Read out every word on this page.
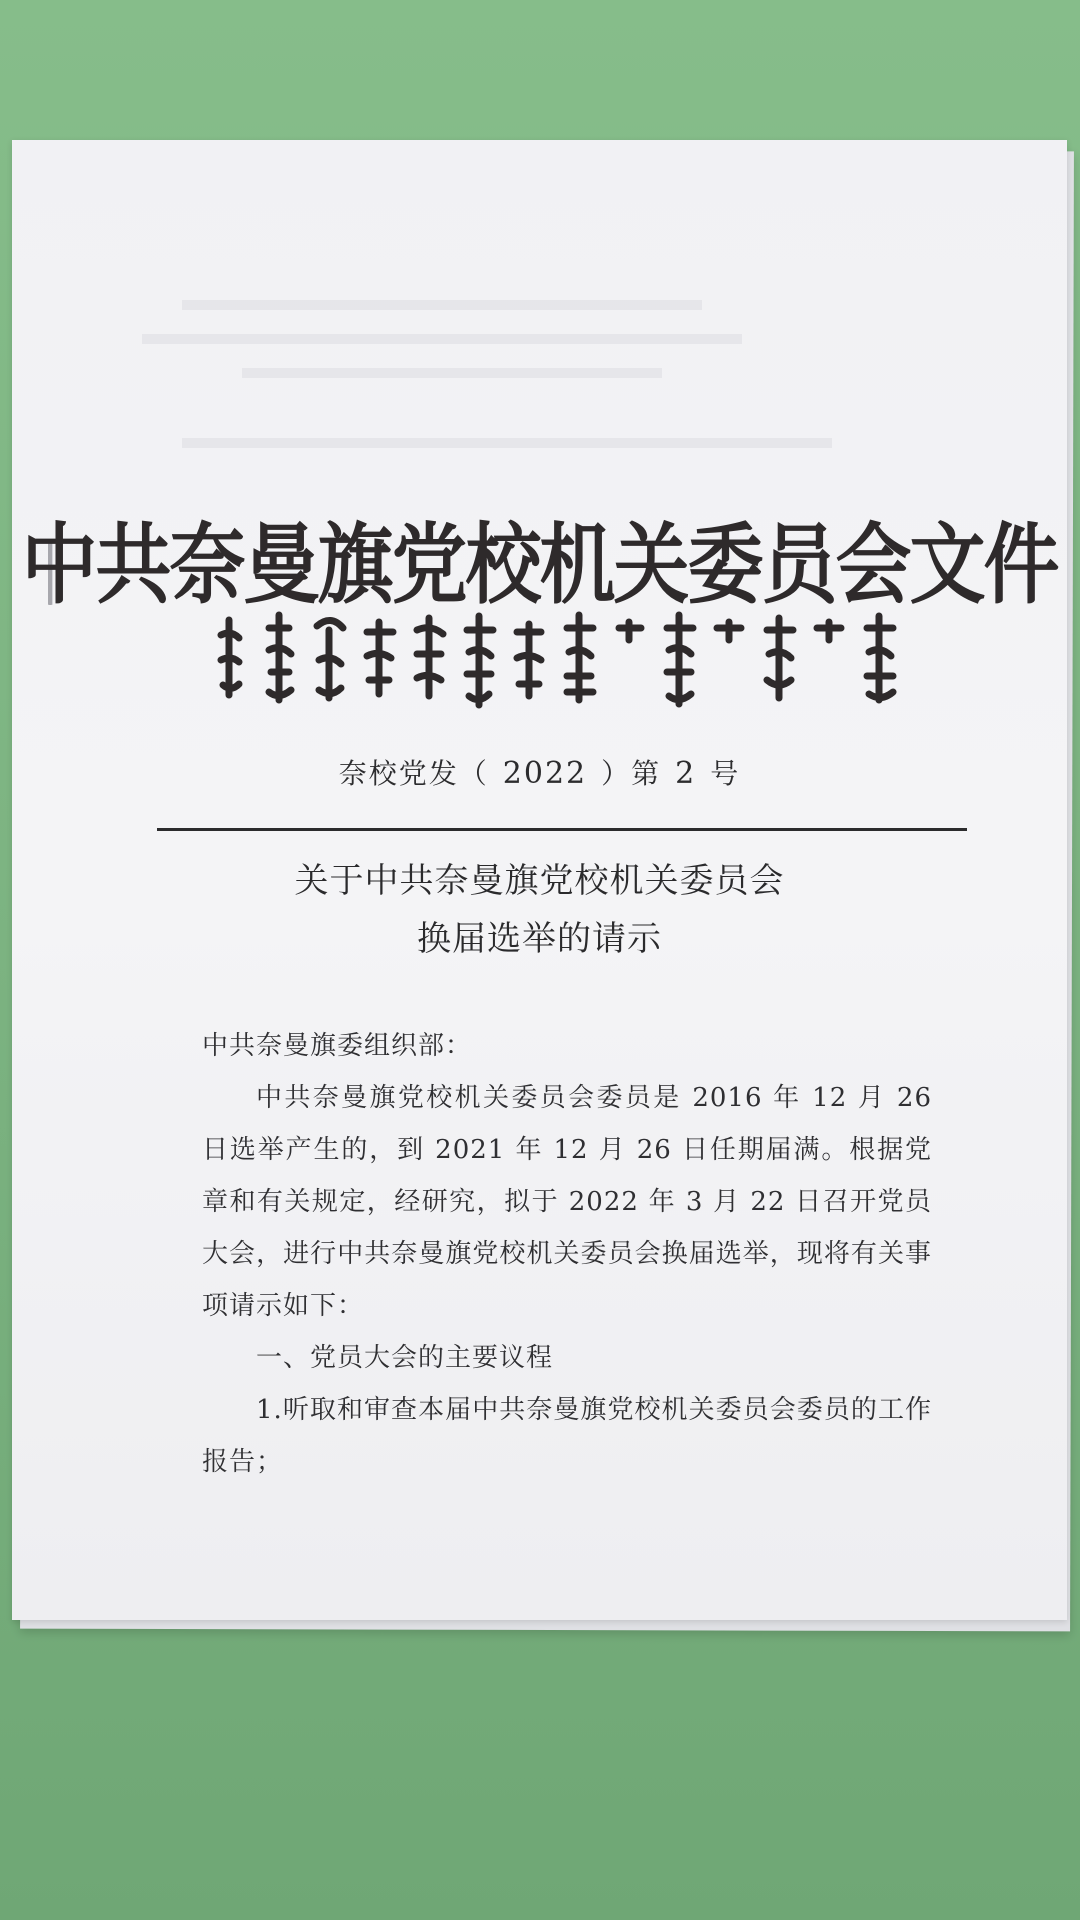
中共奈曼旗党校机关委员会文件
奈校党发（ 2022 ）第 2 号
关于中共奈曼旗党校机关委员会
换届选举的请示

中共奈曼旗委组织部：

中共奈曼旗党校机关委员会委员是 2016 年 12 月 26 日选举产生的，到 2021 年 12 月 26 日任期届满。根据党章和有关规定，经研究，拟于 2022 年 3 月 22 日召开党员大会，进行中共奈曼旗党校机关委员会换届选举，现将有关事项请示如下：

一、党员大会的主要议程

1.听取和审查本届中共奈曼旗党校机关委员会委员的工作报告；
